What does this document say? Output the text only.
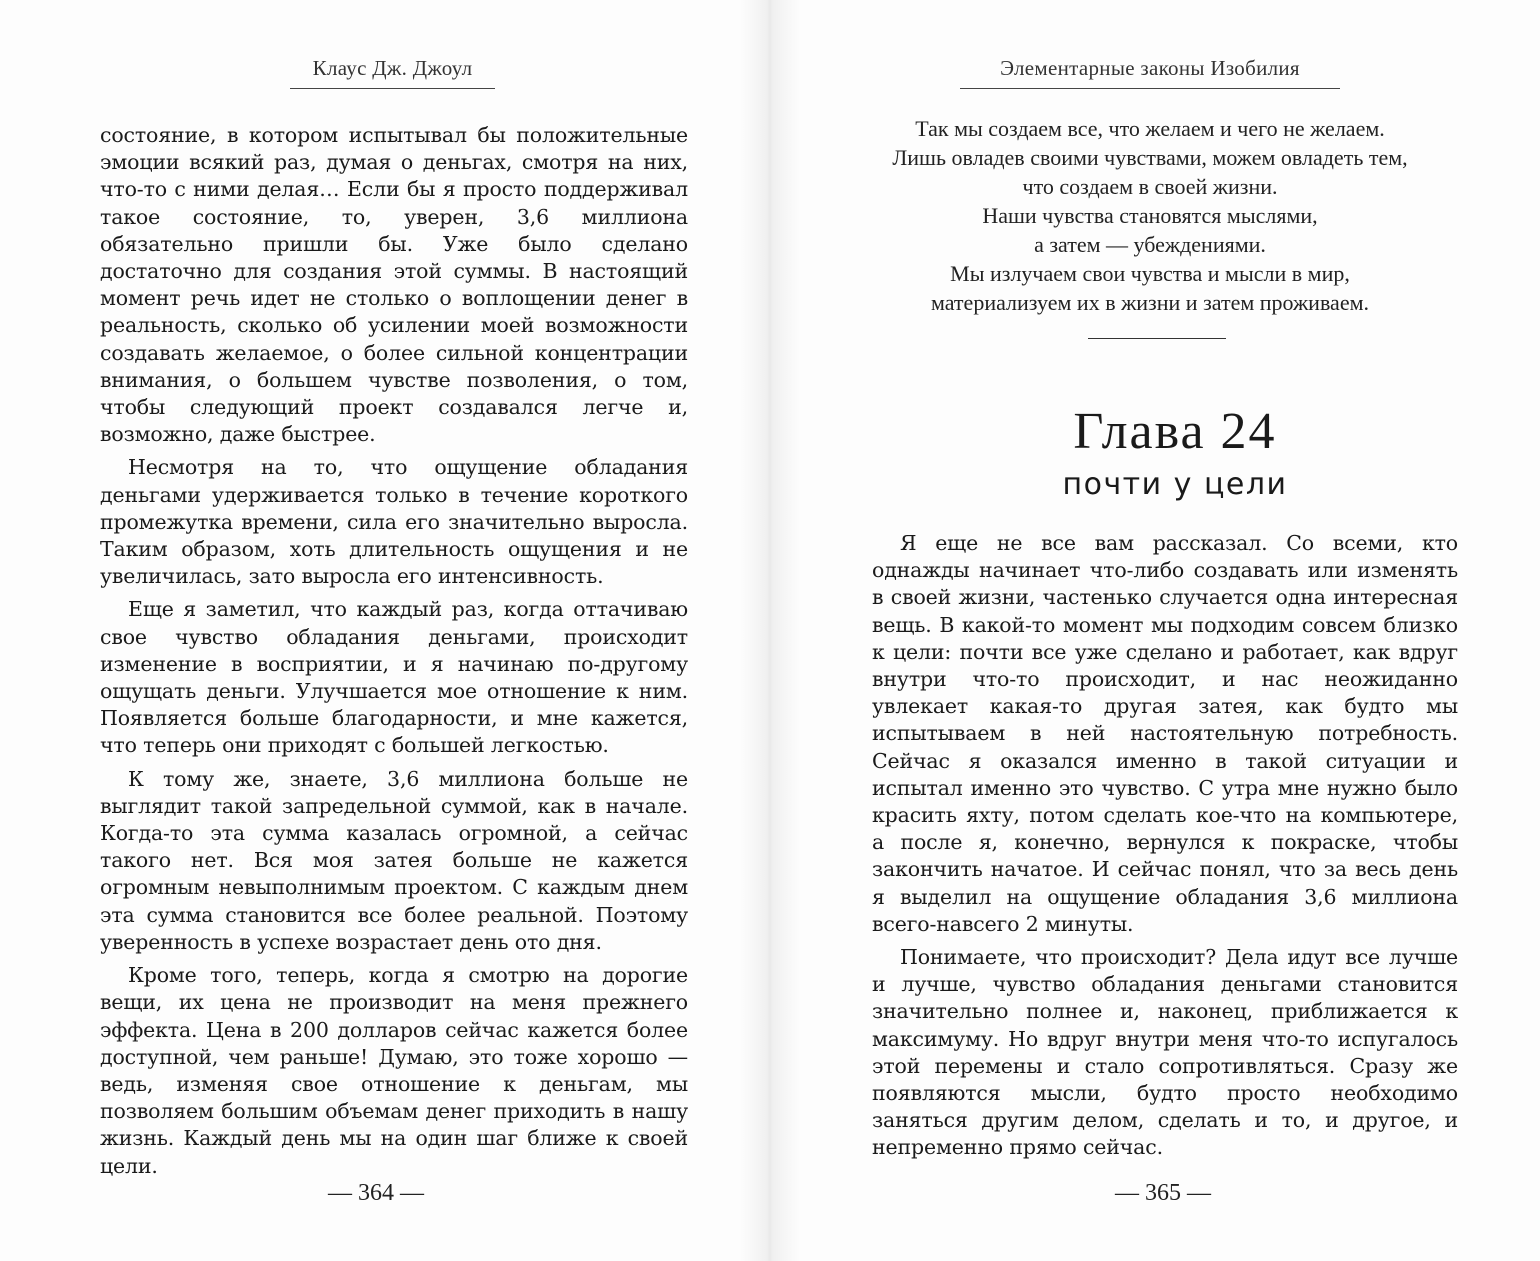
Клаус Дж. Джоул

состояние, в котором испытывал бы положительные эмоции всякий раз, думая о деньгах, смотря на них, что-то с ними делая… Если бы я просто поддерживал такое состояние, то, уверен, 3,6 миллиона обязательно пришли бы. Уже было сделано достаточно для создания этой суммы. В настоящий момент речь идет не столько о воплощении денег в реальность, сколько об усилении моей возможности создавать желаемое, о более сильной концентрации внимания, о большем чувстве позволения, о том, чтобы следующий проект создавался легче и, возможно, даже быстрее.

Несмотря на то, что ощущение обладания деньгами удерживается только в течение короткого промежутка времени, сила его значительно выросла. Таким образом, хоть длительность ощущения и не увеличилась, зато выросла его интенсивность.

Еще я заметил, что каждый раз, когда оттачиваю свое чувство обладания деньгами, происходит изменение в восприятии, и я начинаю по-другому ощущать деньги. Улучшается мое отношение к ним. Появляется больше благодарности, и мне кажется, что теперь они приходят с большей легкостью.

К тому же, знаете, 3,6 миллиона больше не выглядит такой запредельной суммой, как в начале. Когда-то эта сумма казалась огромной, а сейчас такого нет. Вся моя затея больше не кажется огромным невыполнимым проектом. С каждым днем эта сумма становится все более реальной. Поэтому уверенность в успехе возрастает день ото дня.

Кроме того, теперь, когда я смотрю на дорогие вещи, их цена не производит на меня прежнего эффекта. Цена в 200 долларов сейчас кажется более доступной, чем раньше! Думаю, это тоже хорошо — ведь, изменяя свое отношение к деньгам, мы позволяем большим объемам денег приходить в нашу жизнь. Каждый день мы на один шаг ближе к своей цели.

— 364 —
Элементарные законы Изобилия
Так мы создаем все, что желаем и чего не желаем.
Лишь овладев своими чувствами, можем овладеть тем,
что создаем в своей жизни.
Наши чувства становятся мыслями,
а затем — убеждениями.
Мы излучаем свои чувства и мысли в мир,
материализуем их в жизни и затем проживаем.
Глава 24
почти у цели

Я еще не все вам рассказал. Со всеми, кто однажды начинает что-либо создавать или изменять в своей жизни, частенько случается одна интересная вещь. В какой-то момент мы подходим совсем близко к цели: почти все уже сделано и работает, как вдруг внутри что-то происходит, и нас неожиданно увлекает какая-то другая затея, как будто мы испытываем в ней настоятельную потребность. Сейчас я оказался именно в такой ситуации и испытал именно это чувство. С утра мне нужно было красить яхту, потом сделать кое-что на компьютере, а после я, конечно, вернулся к покраске, чтобы закончить начатое. И сейчас понял, что за весь день я выделил на ощущение обладания 3,6 миллиона всего-навсего 2 минуты.

Понимаете, что происходит? Дела идут все лучше и лучше, чувство обладания деньгами становится значительно полнее и, наконец, приближается к максимуму. Но вдруг внутри меня что-то испугалось этой перемены и стало сопротивляться. Сразу же появляются мысли, будто просто необходимо заняться другим делом, сделать и то, и другое, и непременно прямо сейчас.

— 365 —
